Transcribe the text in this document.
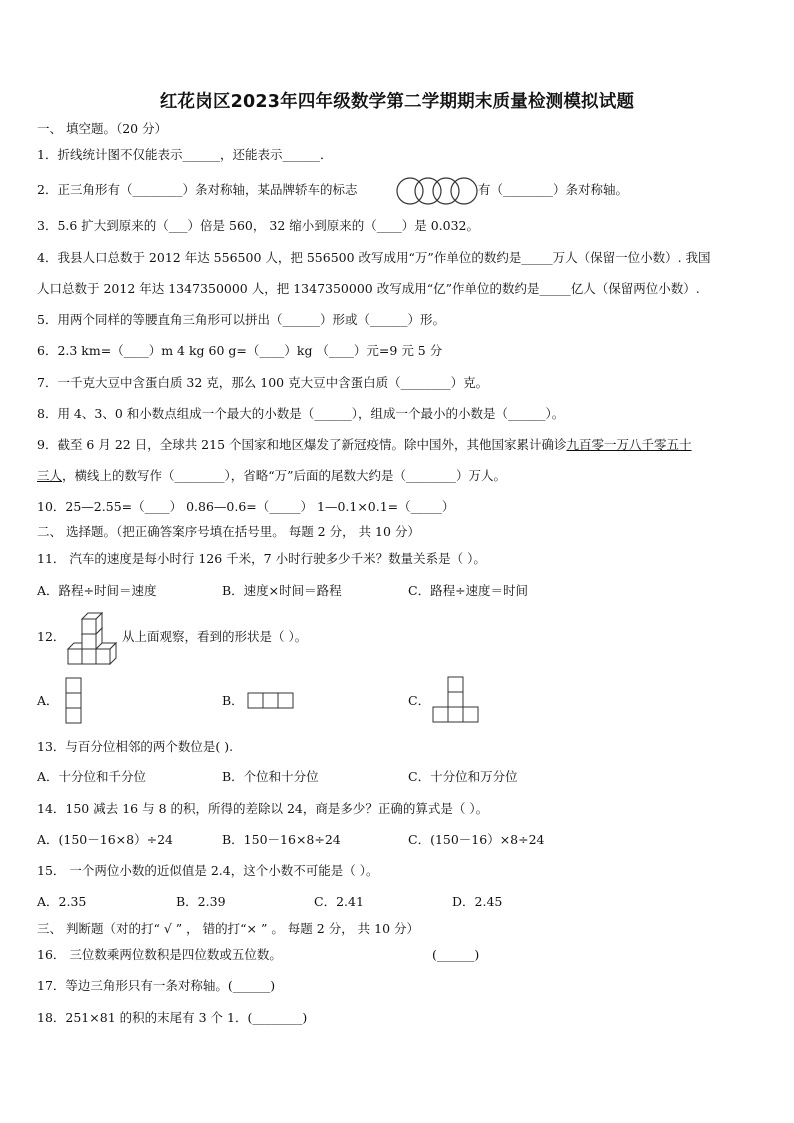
红花岗区2023年四年级数学第二学期期末质量检测模拟试题
一、 填空题。（20 分）
1．折线统计图不仅能表示______，还能表示______．
2．正三角形有（________）条对称轴，某品牌轿车的标志	有（________）条对称轴。
3．5.6 扩大到原来的（___）倍是 560， 32 缩小到原来的（____）是 0.032。
4．我县人口总数于 2012 年达 556500 人，把 556500 改写成用“万”作单位的数约是_____万人（保留一位小数）. 我国
人口总数于 2012 年达 1347350000 人，把 1347350000 改写成用“亿”作单位的数约是_____亿人（保留两位小数）.
5．用两个同样的等腰直角三角形可以拼出（______）形或（______）形。
6．2.3 km=（____）m 4 kg 60 g=（____）kg （____）元=9 元 5 分
7．一千克大豆中含蛋白质 32 克，那么 100 克大豆中含蛋白质（________）克。
8．用 4、3、0 和小数点组成一个最大的小数是（______），组成一个最小的小数是（______）。
9．截至 6 月 22 日，全球共 215 个国家和地区爆发了新冠疫情。除中国外，其他国家累计确诊九百零一万八千零五十
三人，横线上的数写作（________），省略“万”后面的尾数大约是（________）万人。
10．25—2.55=（____） 0.86—0.6=（_____） 1—0.1×0.1=（_____）
二、 选择题。（把正确答案序号填在括号里。 每题 2 分， 共 10 分）
11． 汽车的速度是每小时行 126 千米，7 小时行驶多少千米？数量关系是（ ）。
A．路程÷时间＝速度	B．速度×时间＝路程	C．路程÷速度＝时间
12．	从上面观察，看到的形状是（ ）。
A．	B．	C．
13．与百分位相邻的两个数位是( ).
A．十分位和千分位	B．个位和十分位	C．十分位和万分位
14．150 减去 16 与 8 的积，所得的差除以 24，商是多少？正确的算式是（ ）。
A．(150－16×8）÷24	B．150－16×8÷24	C．(150－16）×8÷24
15． 一个两位小数的近似值是 2.4，这个小数不可能是（ ）。
A．2.35	B．2.39	C．2.41	D．2.45
三、 判断题（对的打“ √ ” ， 错的打“× ” 。 每题 2 分， 共 10 分）
16． 三位数乘两位数积是四位数或五位数。	(______)
17．等边三角形只有一条对称轴。(______)
18．251×81 的积的末尾有 3 个 1．(________)
